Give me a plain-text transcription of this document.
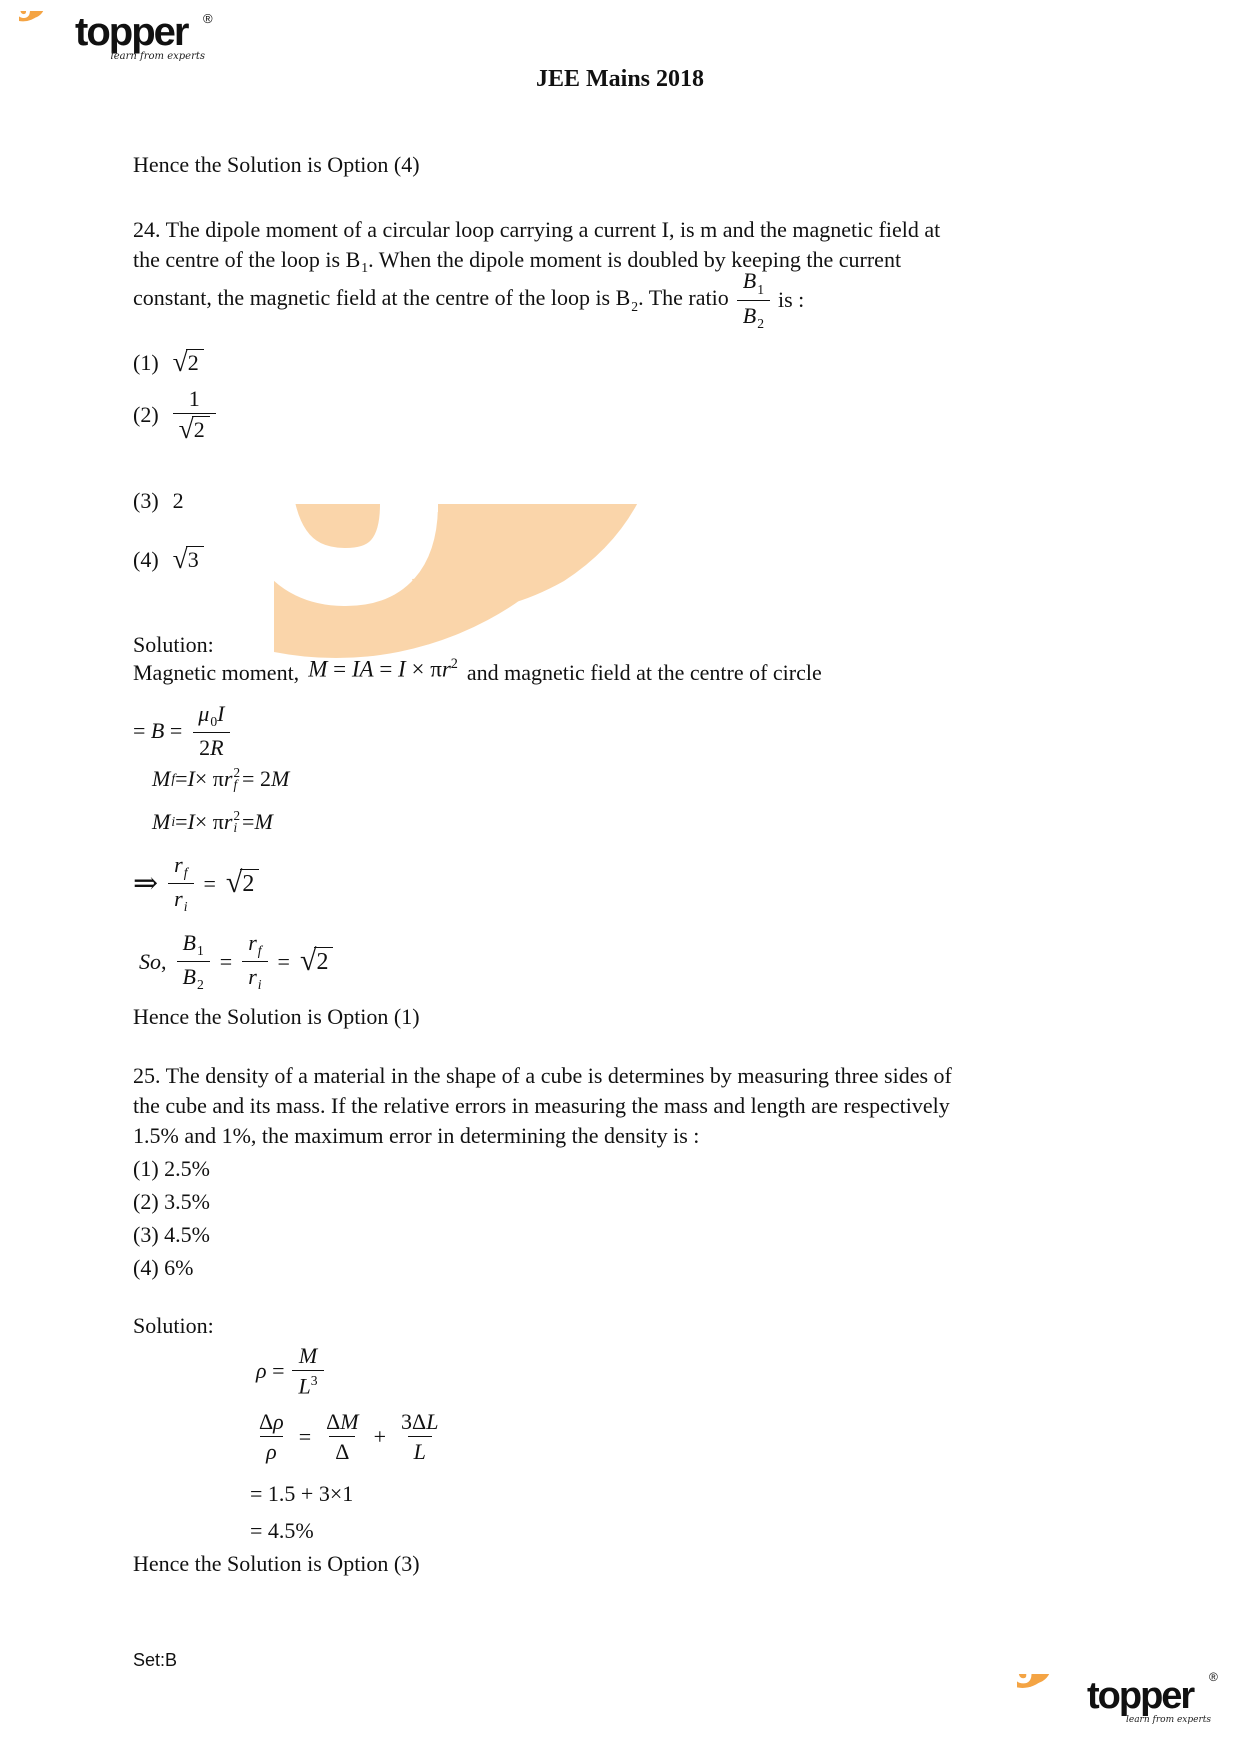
topper	®
learn from experts
JEE Mains 2018
Hence the Solution is Option (4)
24. The dipole moment of a circular loop carrying a current I, is m and the magnetic field at
the centre of the loop is $B_1$. When the dipole moment is doubled by keeping the current
constant, the magnetic field at the centre of the loop is $B_2$. The ratio $\frac{B_1}{B_2}$ is :
(1) √ 2
$(2) \frac{1}{√ 2}$
(3) 2
(4) √ 3
Solution:
Magnetic moment, M = IA = $I \times \pi r^2$ and magnetic field at the centre of circle
= $B = \frac{\mu_0I}{2R}$
M f = I × π r 2
f = 2 M
M i = I × π r 2
i = M
⇒ $\frac{r_f}{r_i}$ = √ 2
So, $\frac{B_1}{B_2} = \frac{r_f}{r_i}$ = √ 2
Hence the Solution is Option (1)
25. The density of a material in the shape of a cube is determines by measuring three sides of
the cube and its mass. If the relative errors in measuring the mass and length are respectively
1.5% and 1%, the maximum error in determining the density is :
(1) 2.5%
(2) 3.5%
(3) 4.5%
(4) 6%
Solution:
$\rho = \frac{M}{L^3}$
$\frac{\Delta\rho}{\rho} = \frac{\Delta M}{\Delta} + \frac{3\Delta L}{L}$
= 1.5 + 3×1
= 4.5%
Hence the Solution is Option (3)
Set:B
topper	®
learn from experts
